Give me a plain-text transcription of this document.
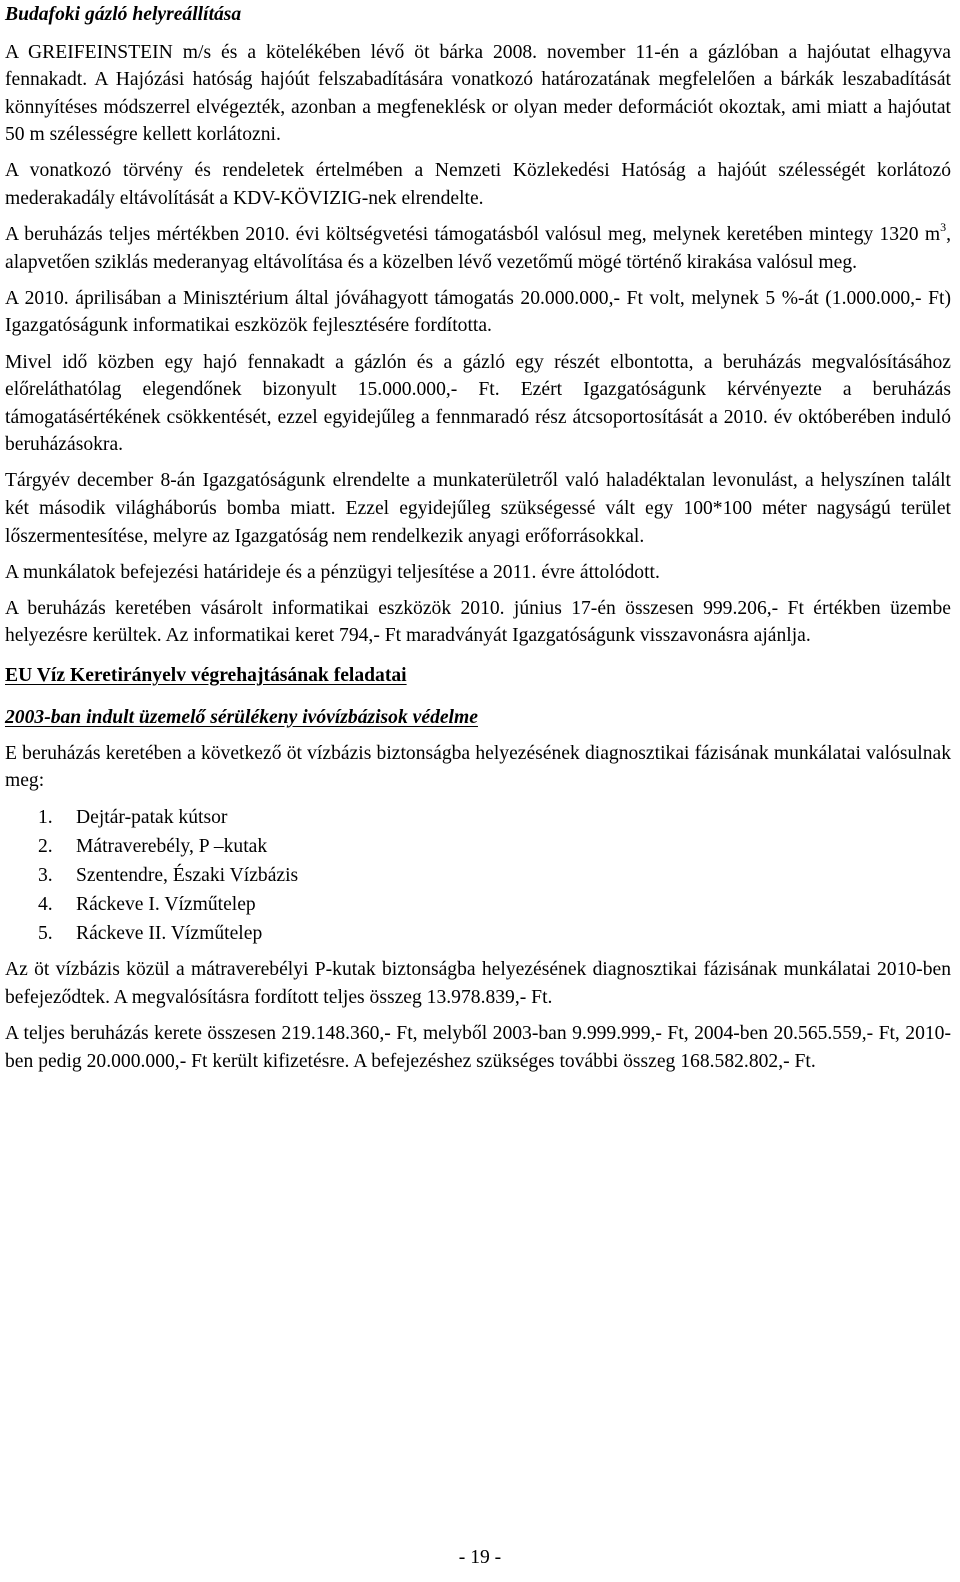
Budafoki gázló helyreállítása

A GREIFEINSTEIN m/s és a kötelékében lévő öt bárka 2008. november 11-én a gázlóban a hajóutat elhagyva fennakadt. A Hajózási hatóság hajóút felszabadítására vonatkozó határozatának megfelelően a bárkák leszabadítását könnyítéses módszerrel elvégezték, azonban a megfeneklésk or olyan meder deformációt okoztak, ami miatt a hajóutat 50 m szélességre kellett korlátozni.

A vonatkozó törvény és rendeletek értelmében a Nemzeti Közlekedési Hatóság a hajóút szélességét korlátozó mederakadály eltávolítását a KDV-KÖVIZIG-nek elrendelte.

A beruházás teljes mértékben 2010. évi költségvetési támogatásból valósul meg, melynek keretében mintegy 1320 $m^3$, alapvetően sziklás mederanyag eltávolítása és a közelben lévő vezetőmű mögé történő kirakása valósul meg.

A 2010. áprilisában a Minisztérium által jóváhagyott támogatás 20.000.000,- Ft volt, melynek 5 %-át (1.000.000,- Ft) Igazgatóságunk informatikai eszközök fejlesztésére fordította.

Mivel idő közben egy hajó fennakadt a gázlón és a gázló egy részét elbontotta, a beruházás megvalósításához előreláthatólag elegendőnek bizonyult 15.000.000,- Ft. Ezért Igazgatóságunk kérvényezte a beruházás támogatásértékének csökkentését, ezzel egyidejűleg a fennmaradó rész átcsoportosítását a 2010. év októberében induló beruházásokra.

Tárgyév december 8-án Igazgatóságunk elrendelte a munkaterületről való haladéktalan levonulást, a helyszínen talált két második világháborús bomba miatt. Ezzel egyidejűleg szükségessé vált egy 100*100 méter nagyságú terület lőszermentesítése, melyre az Igazgatóság nem rendelkezik anyagi erőforrásokkal.

A munkálatok befejezési határideje és a pénzügyi teljesítése a 2011. évre áttolódott.

A beruházás keretében vásárolt informatikai eszközök 2010. június 17-én összesen 999.206,- Ft értékben üzembe helyezésre kerültek. Az informatikai keret 794,- Ft maradványát Igazgatóságunk visszavonásra ajánlja.

EU Víz Keretirányelv végrehajtásának feladatai
2003-ban indult üzemelő sérülékeny ivóvízbázisok védelme

E beruházás keretében a következő öt vízbázis biztonságba helyezésének diagnosztikai fázisának munkálatai valósulnak meg:

1.	Dejtár-patak kútsor
2.	Mátraverebély, P –kutak
3.	Szentendre, Északi Vízbázis
4.	Ráckeve I. Vízműtelep
5.	Ráckeve II. Vízműtelep

Az öt vízbázis közül a mátraverebélyi P-kutak biztonságba helyezésének diagnosztikai fázisának munkálatai 2010-ben befejeződtek. A megvalósításra fordított teljes összeg 13.978.839,- Ft.

A teljes beruházás kerete összesen 219.148.360,- Ft, melyből 2003-ban 9.999.999,- Ft, 2004-ben 20.565.559,- Ft, 2010-ben pedig 20.000.000,- Ft került kifizetésre. A befejezéshez szükséges további összeg 168.582.802,- Ft.

- 19 -
